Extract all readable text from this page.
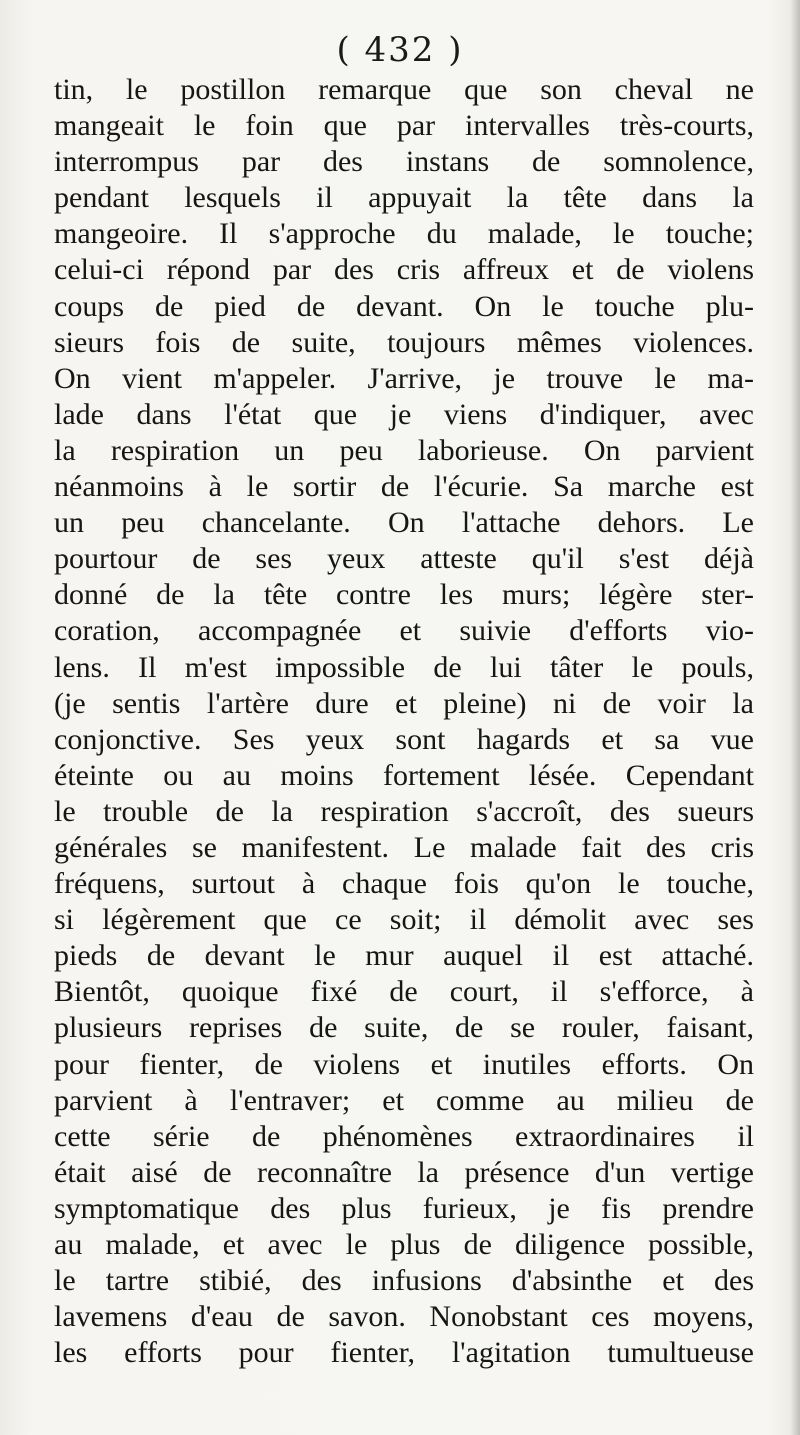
( 432 )
tin, le postillon remarque que son cheval ne
mangeait le foin que par intervalles très-courts,
interrompus par des instans de somnolence,
pendant lesquels il appuyait la tête dans la
mangeoire. Il s'approche du malade, le touche;
celui-ci répond par des cris affreux et de violens
coups de pied de devant. On le touche plu-
sieurs fois de suite, toujours mêmes violences.
On vient m'appeler. J'arrive, je trouve le ma-
lade dans l'état que je viens d'indiquer, avec
la respiration un peu laborieuse. On parvient
néanmoins à le sortir de l'écurie. Sa marche est
un peu chancelante. On l'attache dehors. Le
pourtour de ses yeux atteste qu'il s'est déjà
donné de la tête contre les murs; légère ster-
coration, accompagnée et suivie d'efforts vio-
lens. Il m'est impossible de lui tâter le pouls,
(je sentis l'artère dure et pleine) ni de voir la
conjonctive. Ses yeux sont hagards et sa vue
éteinte ou au moins fortement lésée. Cependant
le trouble de la respiration s'accroît, des sueurs
générales se manifestent. Le malade fait des cris
fréquens, surtout à chaque fois qu'on le touche,
si légèrement que ce soit; il démolit avec ses
pieds de devant le mur auquel il est attaché.
Bientôt, quoique fixé de court, il s'efforce, à
plusieurs reprises de suite, de se rouler, faisant,
pour fienter, de violens et inutiles efforts. On
parvient à l'entraver; et comme au milieu de
cette série de phénomènes extraordinaires il
était aisé de reconnaître la présence d'un vertige
symptomatique des plus furieux, je fis prendre
au malade, et avec le plus de diligence possible,
le tartre stibié, des infusions d'absinthe et des
lavemens d'eau de savon. Nonobstant ces moyens,
les efforts pour fienter, l'agitation tumultueuse
